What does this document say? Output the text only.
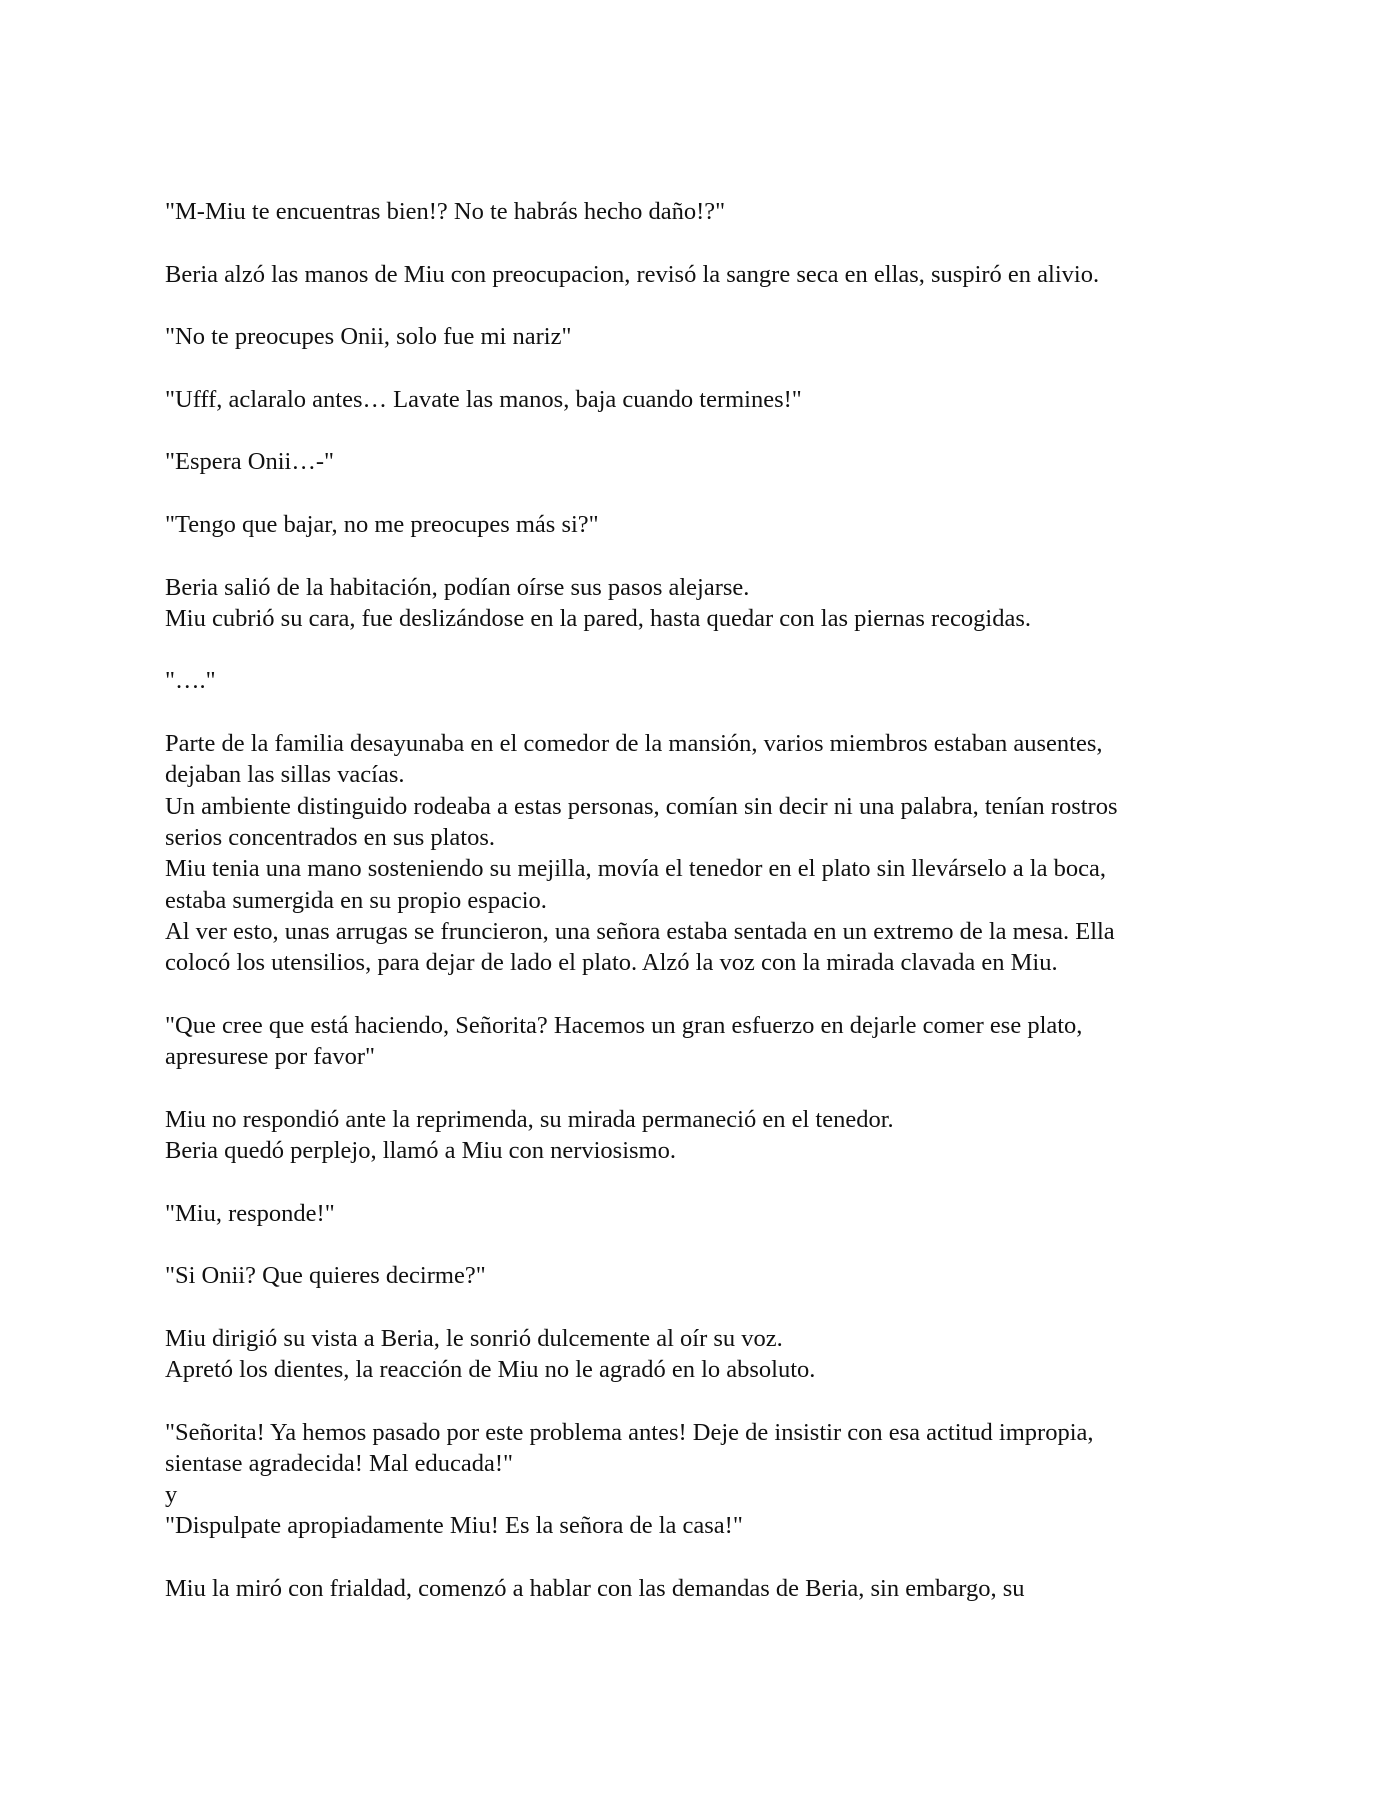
"M-Miu te encuentras bien!? No te habrás hecho daño!?"

Beria alzó las manos de Miu con preocupacion, revisó la sangre seca en ellas, suspiró en alivio.

"No te preocupes Onii, solo fue mi nariz"

"Ufff, aclaralo antes… Lavate las manos, baja cuando termines!"

"Espera Onii…-"

"Tengo que bajar, no me preocupes más si?"

Beria salió de la habitación, podían oírse sus pasos alejarse.
Miu cubrió su cara, fue deslizándose en la pared, hasta quedar con las piernas recogidas.

"…."

Parte de la familia desayunaba en el comedor de la mansión, varios miembros estaban ausentes,
dejaban las sillas vacías.
Un ambiente distinguido rodeaba a estas personas, comían sin decir ni una palabra, tenían rostros
serios concentrados en sus platos.
Miu tenia una mano sosteniendo su mejilla, movía el tenedor en el plato sin llevárselo a la boca,
estaba sumergida en su propio espacio.
Al ver esto, unas arrugas se fruncieron, una señora estaba sentada en un extremo de la mesa. Ella
colocó los utensilios, para dejar de lado el plato. Alzó la voz con la mirada clavada en Miu.

"Que cree que está haciendo, Señorita? Hacemos un gran esfuerzo en dejarle comer ese plato,
apresurese por favor"

Miu no respondió ante la reprimenda, su mirada permaneció en el tenedor.
Beria quedó perplejo, llamó a Miu con nerviosismo.

"Miu, responde!"

"Si Onii? Que quieres decirme?"

Miu dirigió su vista a Beria, le sonrió dulcemente al oír su voz.
Apretó los dientes, la reacción de Miu no le agradó en lo absoluto.

"Señorita! Ya hemos pasado por este problema antes! Deje de insistir con esa actitud impropia,
sientase agradecida! Mal educada!"
y
"Dispulpate apropiadamente Miu! Es la señora de la casa!"

Miu la miró con frialdad, comenzó a hablar con las demandas de Beria, sin embargo, su
